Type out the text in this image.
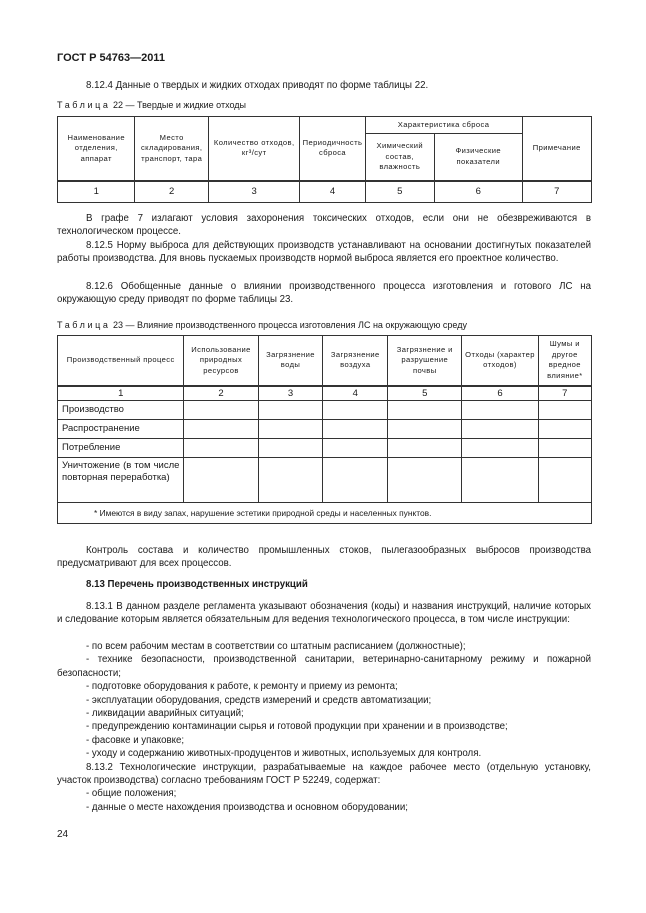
ГОСТ Р 54763—2011

8.12.4 Данные о твердых и жидких отходах приводят по форме таблицы 22.

Таблица 22 — Твердые и жидкие отходы
Наименование отделения, аппарат	Место складирования, транспорт, тара	Количество отходов, кг³/сут	Периодичность сброса	Характеристика сброса		Примечание
				Химический состав, влажность	Физические показатели	
1	2	3	4	5	6	7

В графе 7 излагают условия захоронения токсических отходов, если они не обезвреживаются в технологическом процессе.

8.12.5 Норму выброса для действующих производств устанавливают на основании достигнутых показателей работы производства. Для вновь пускаемых производств нормой выброса является его проектное количество.

8.12.6 Обобщенные данные о влиянии производственного процесса изготовления и готового ЛС на окружающую среду приводят по форме таблицы 23.

Таблица 23 — Влияние производственного процесса изготовления ЛС на окружающую среду
Производственный процесс	Использование природных ресурсов	Загрязнение воды	Загрязнение воздуха	Загрязнение и разрушение почвы	Отходы (характер отходов)	Шумы и другое вредное влияние*
1	2	3	4	5	6	7
Производство						
Распространение						
Потребление						
Уничтожение (в том числе повторная переработка)						
* Имеются в виду запах, нарушение эстетики природной среды и населенных пунктов.						

Контроль состава и количество промышленных стоков, пылегазообразных выбросов производства предусматривают для всех процессов.

8.13 Перечень производственных инструкций

8.13.1 В данном разделе регламента указывают обозначения (коды) и названия инструкций, наличие которых и следование которым является обязательным для ведения технологического процесса, в том числе инструкции:

- по всем рабочим местам в соответствии со штатным расписанием (должностные);

- технике безопасности, производственной санитарии, ветеринарно-санитарному режиму и пожарной безопасности;

- подготовке оборудования к работе, к ремонту и приему из ремонта;

- эксплуатации оборудования, средств измерений и средств автоматизации;

- ликвидации аварийных ситуаций;

- предупреждению контаминации сырья и готовой продукции при хранении и в производстве;

- фасовке и упаковке;

- уходу и содержанию животных-продуцентов и животных, используемых для контроля.

8.13.2 Технологические инструкции, разрабатываемые на каждое рабочее место (отдельную установку, участок производства) согласно требованиям ГОСТ Р 52249, содержат:

- общие положения;

- данные о месте нахождения производства и основном оборудовании;

24
